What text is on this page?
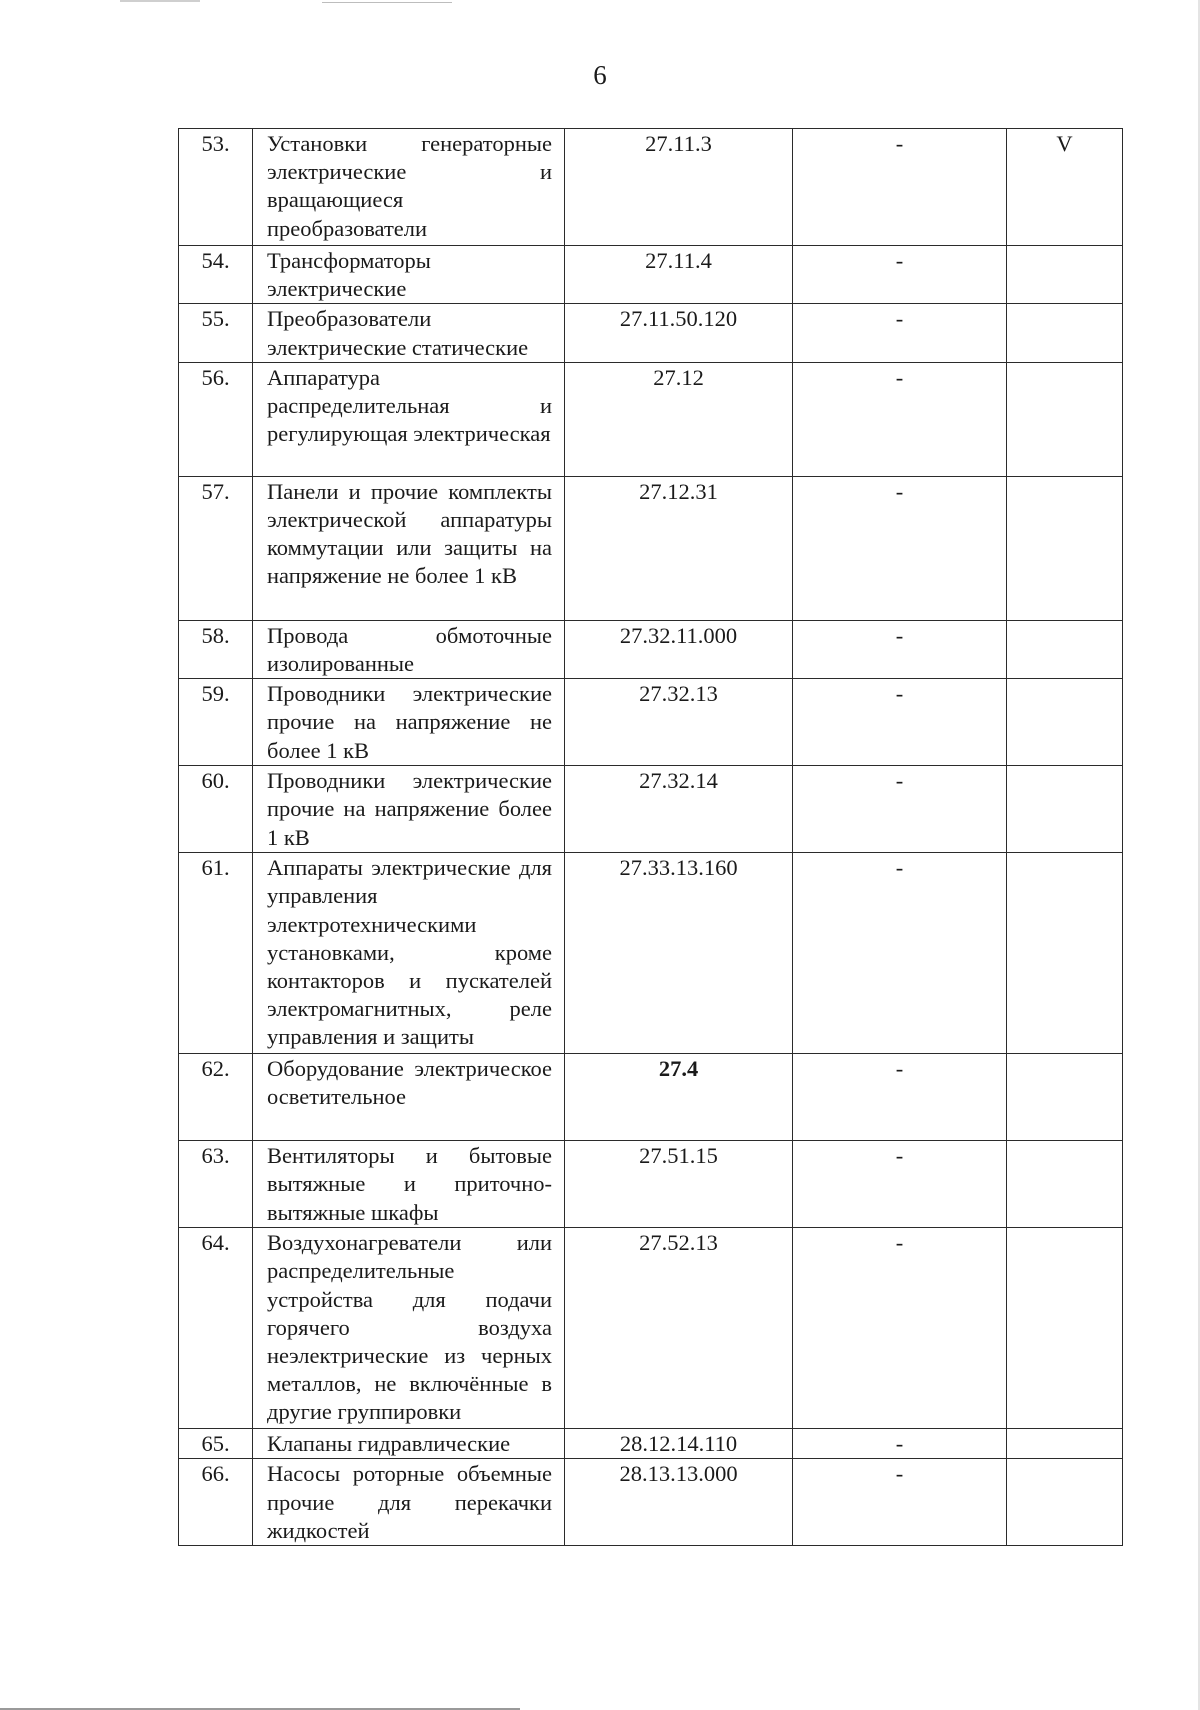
6
53.	Установки генераторные электрические и вращающиеся преобразователи	27.11.3	-	V
54.	Трансформаторы электрические	27.11.4	-	
55.	Преобразователи электрические статические	27.11.50.120	-	
56.	Аппаратура распределительная и регулирующая электрическая	27.12	-	
57.	Панели и прочие комплекты электрической аппаратуры коммутации или защиты на напряжение не более 1 кВ	27.12.31	-	
58.	Провода обмоточные изолированные	27.32.11.000	-	
59.	Проводники электрические прочие на напряжение не более 1 кВ	27.32.13	-	
60.	Проводники электрические прочие на напряжение более 1 кВ	27.32.14	-	
61.	Аппараты электрические для управления электротехническими установками, кроме контакторов и пускателей электромагнитных, реле управления и защиты	27.33.13.160	-	
62.	Оборудование электрическое осветительное	27.4	-	
63.	Вентиляторы и бытовые вытяжные и приточно-вытяжные шкафы	27.51.15	-	
64.	Воздухонагреватели или распределительные устройства для подачи горячего воздуха неэлектрические из черных металлов, не включённые в другие группировки	27.52.13	-	
65.	Клапаны гидравлические	28.12.14.110	-	
66.	Насосы роторные объемные прочие для перекачки жидкостей	28.13.13.000	-	
